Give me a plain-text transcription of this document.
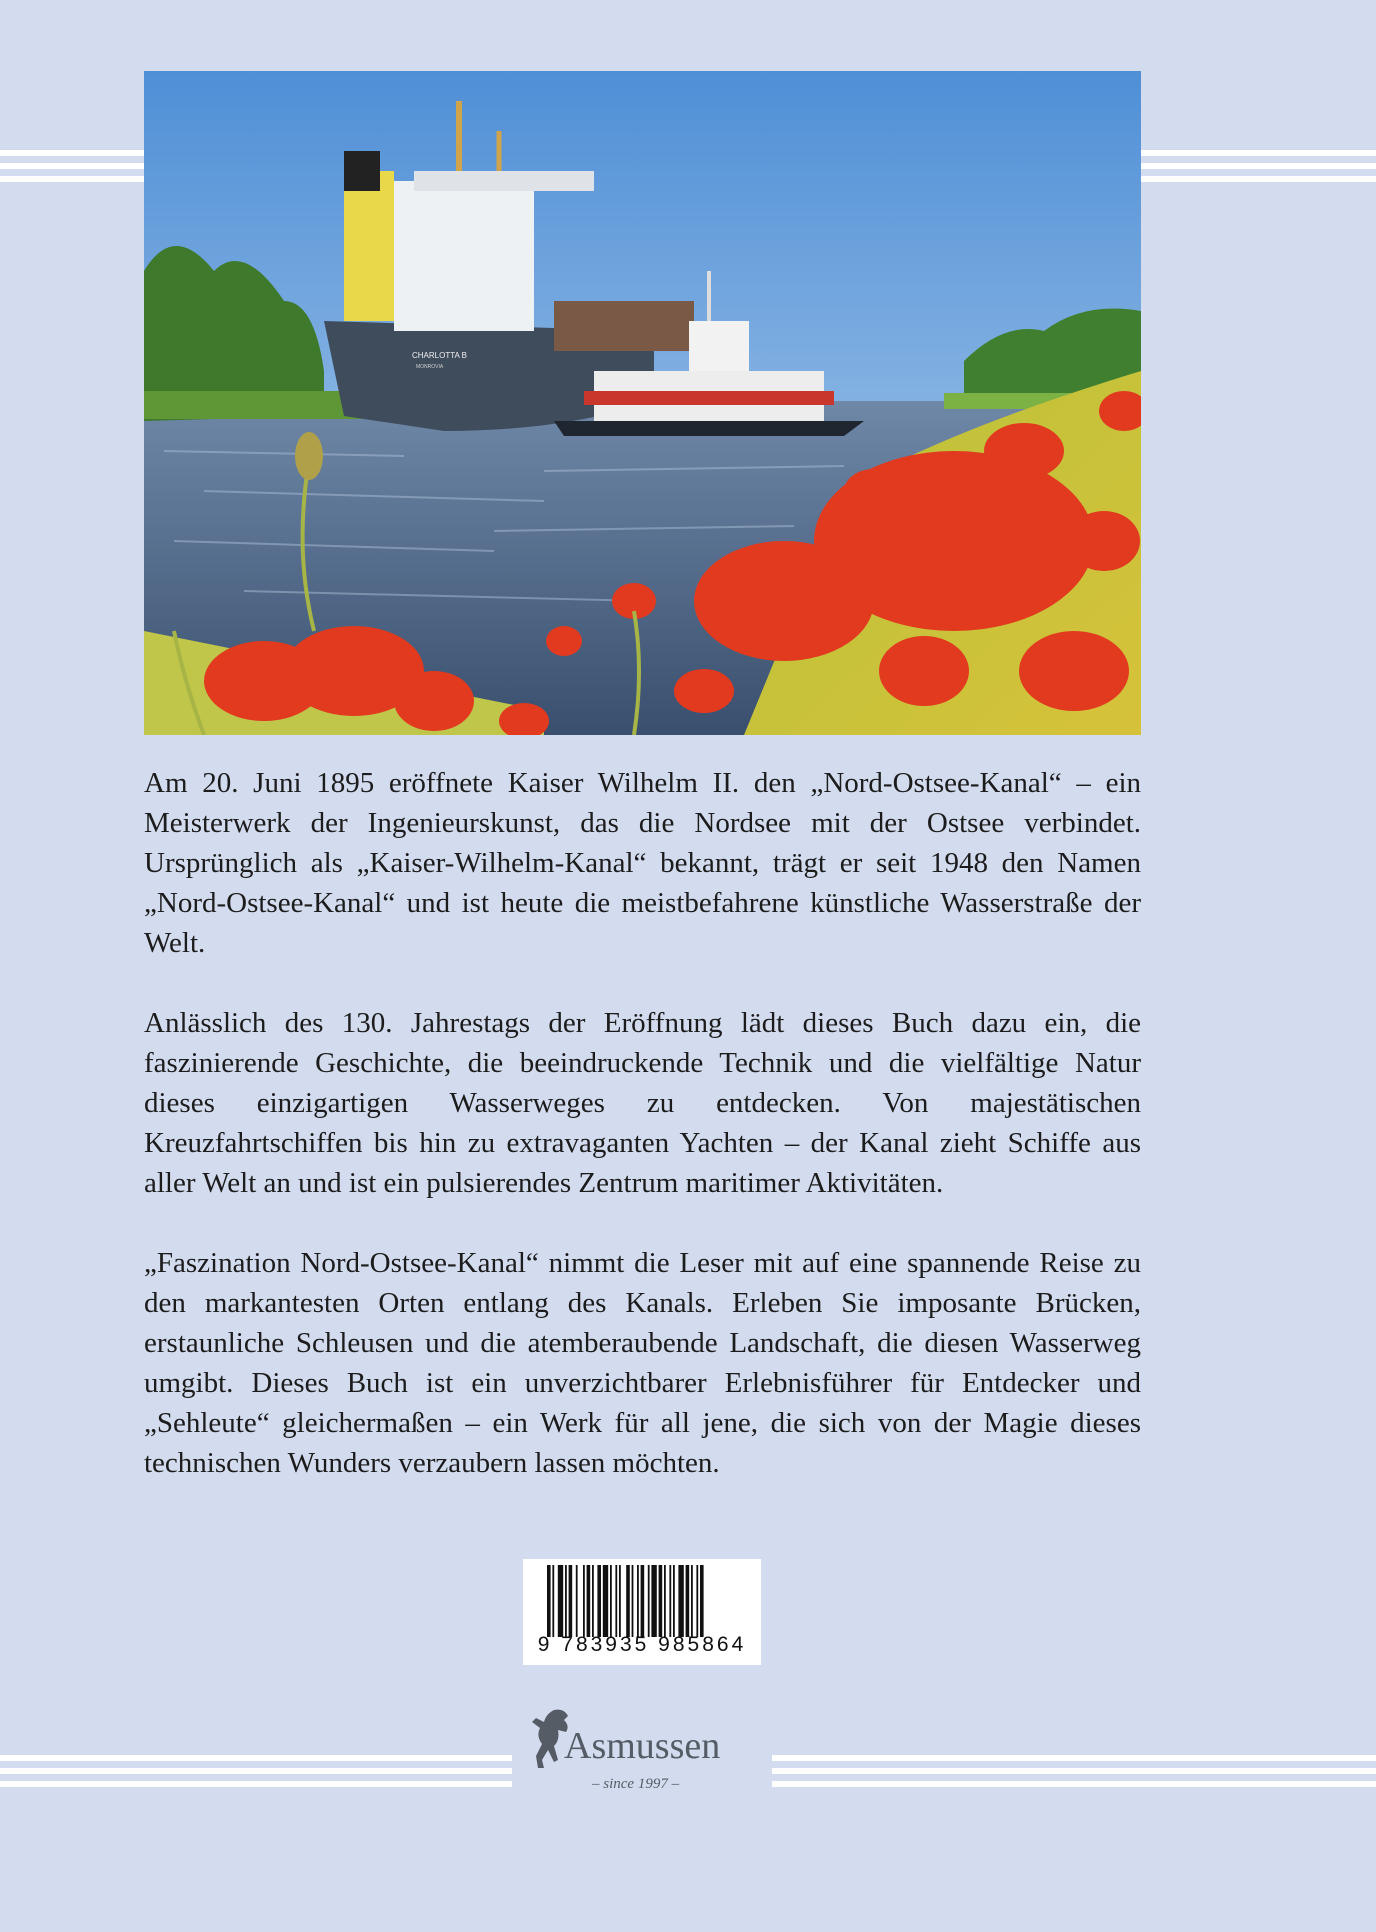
CHARLOTTA B
MONROVIA

Am 20. Juni 1895 eröffnete Kaiser Wilhelm II. den „Nord-Ostsee-Kanal“ – ein Meisterwerk der Ingenieurskunst, das die Nordsee mit der Ostsee verbindet. Ursprünglich als „Kaiser-Wilhelm-Kanal“ bekannt, trägt er seit 1948 den Namen „Nord-Ostsee-Kanal“ und ist heute die meistbefahrene künstliche Wasserstraße der Welt.

Anlässlich des 130. Jahrestags der Eröffnung lädt dieses Buch dazu ein, die faszinierende Geschichte, die beeindruckende Technik und die vielfältige Natur dieses einzigartigen Wasserweges zu entdecken. Von majestätischen Kreuzfahrtschiffen bis hin zu extravaganten Yachten – der Kanal zieht Schiffe aus aller Welt an und ist ein pulsierendes Zentrum maritimer Aktivitäten.

„Faszination Nord-Ostsee-Kanal“ nimmt die Leser mit auf eine spannende Reise zu den markantesten Orten entlang des Kanals. Erleben Sie imposante Brücken, erstaunliche Schleusen und die atemberaubende Landschaft, die diesen Wasserweg umgibt. Dieses Buch ist ein unverzichtbarer Erlebnisführer für Entdecker und „Sehleute“ gleichermaßen – ein Werk für all jene, die sich von der Magie dieses technischen Wunders verzaubern lassen möchten.

9 783935 985864
Asmussen
– since 1997 –
